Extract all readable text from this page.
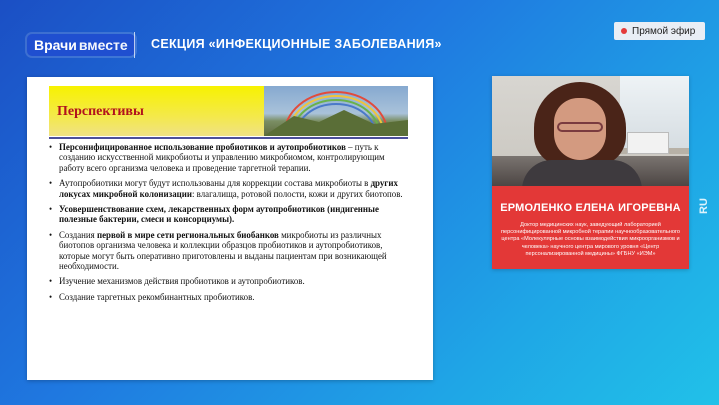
Врачи вместе СЕКЦИЯ «ИНФЕКЦИОННЫЕ ЗАБОЛЕВАНИЯ»
Прямой эфир
Перспективы
• Персонифицированное использование пробиотиков и аутопробиотиков – путь к созданию искусственной микробиоты и управлению микробиомом, контролирующим работу всего организма человека и проведение таргетной терапии.
• Аутопробиотики могут будут использованы для коррекции состава микробиоты в других локусах микробной колонизации: влагалища, ротовой полости, кожи и других биотопов.
• Усовершенствование схем, лекарственных форм аутопробиотиков (индигенные полезные бактерии, смеси и консорциумы).
• Создания первой в мире сети региональных биобанков микробиоты из различных биотопов организма человека и коллекции образцов пробиотиков и аутопробиотиков, которые могут быть оперативно приготовлены и выданы пациентам при возникающей необходимости.
• Изучение механизмов действия пробиотиков и аутопробиотиков.
• Создание таргетных рекомбинантных пробиотиков.
ЕРМОЛЕНКО ЕЛЕНА ИГОРЕВНА
Доктор медицинских наук, заведующий лабораторией персонифицированной микробной терапии научнообразовательного центра «Молекулярные основы взаимодействия микроорганизмов и человека» научного центра мирового уровня «Центр персонализированной медицины» ФГБНУ «ИЭМ»
RU
